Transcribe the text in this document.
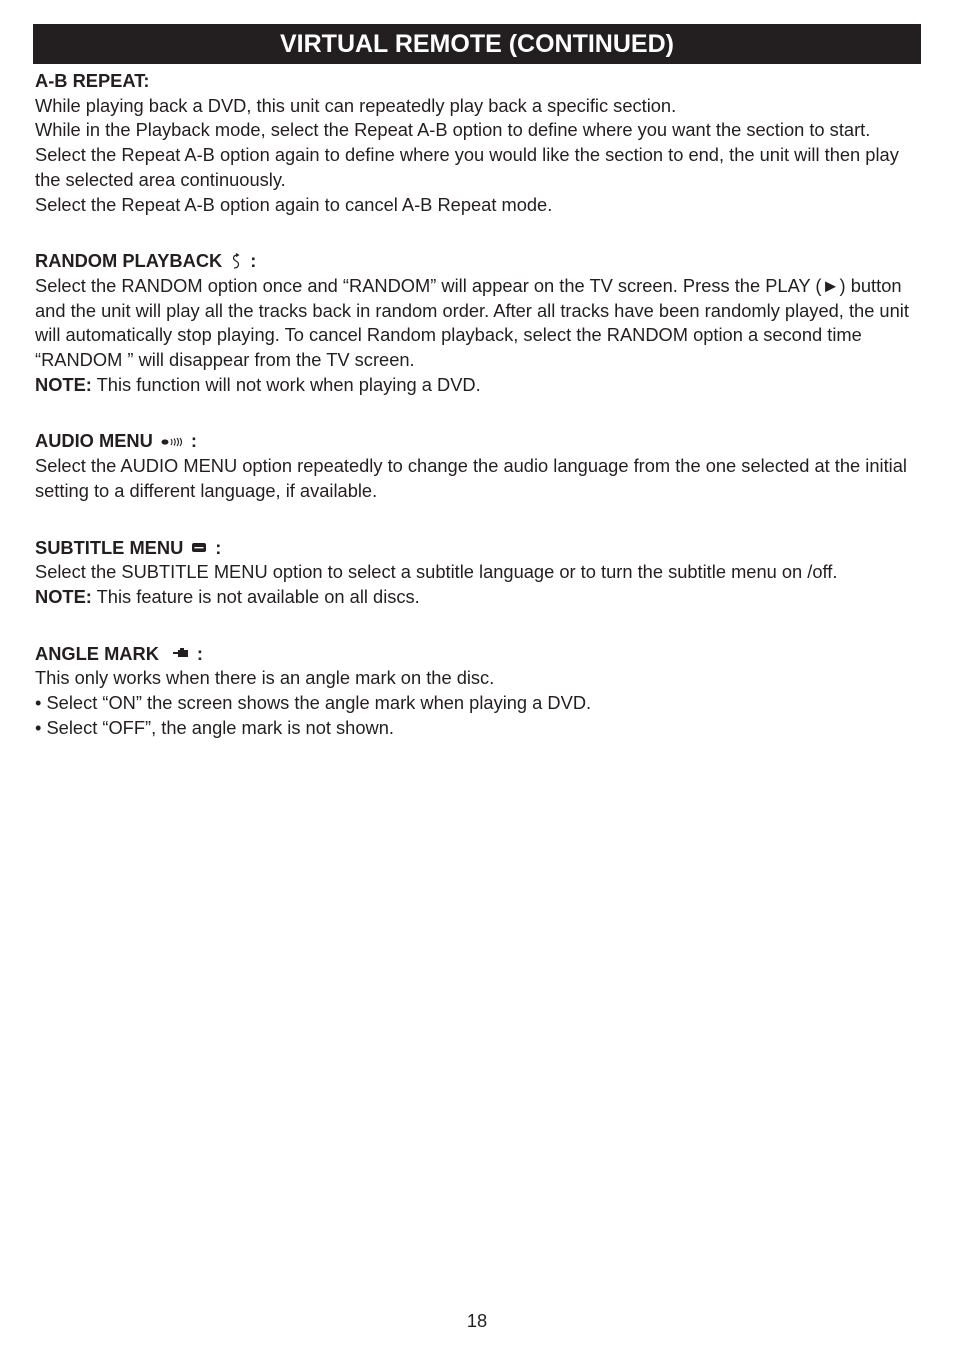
VIRTUAL REMOTE (CONTINUED)
A-B REPEAT:

While playing back a DVD, this unit can repeatedly play back a specific section.

While in the Playback mode, select the Repeat A-B option to define where you want the section to start. Select the Repeat A-B option again to define where you would like the section to end, the unit will then play the selected area continuously.

Select the Repeat A-B option again to cancel A-B Repeat mode.

RANDOM PLAYBACK :

Select the RANDOM option once and “RANDOM” will appear on the TV screen. Press the PLAY (►) button and the unit will play all the tracks back in random order. After all tracks have been randomly played, the unit will automatically stop playing. To cancel Random playback, select the RANDOM option a second time “RANDOM ” will disappear from the TV screen.

NOTE: This function will not work when playing a DVD.

AUDIO MENU :

Select the AUDIO MENU option repeatedly to change the audio language from the one selected at the initial setting to a different language, if available.

SUBTITLE MENU :

Select the SUBTITLE MENU option to select a subtitle language or to turn the subtitle menu on /off.

NOTE: This feature is not available on all discs.

ANGLE MARK :

This only works when there is an angle mark on the disc.

• Select “ON” the screen shows the angle mark when playing a DVD.

• Select “OFF”, the angle mark is not shown.

18
